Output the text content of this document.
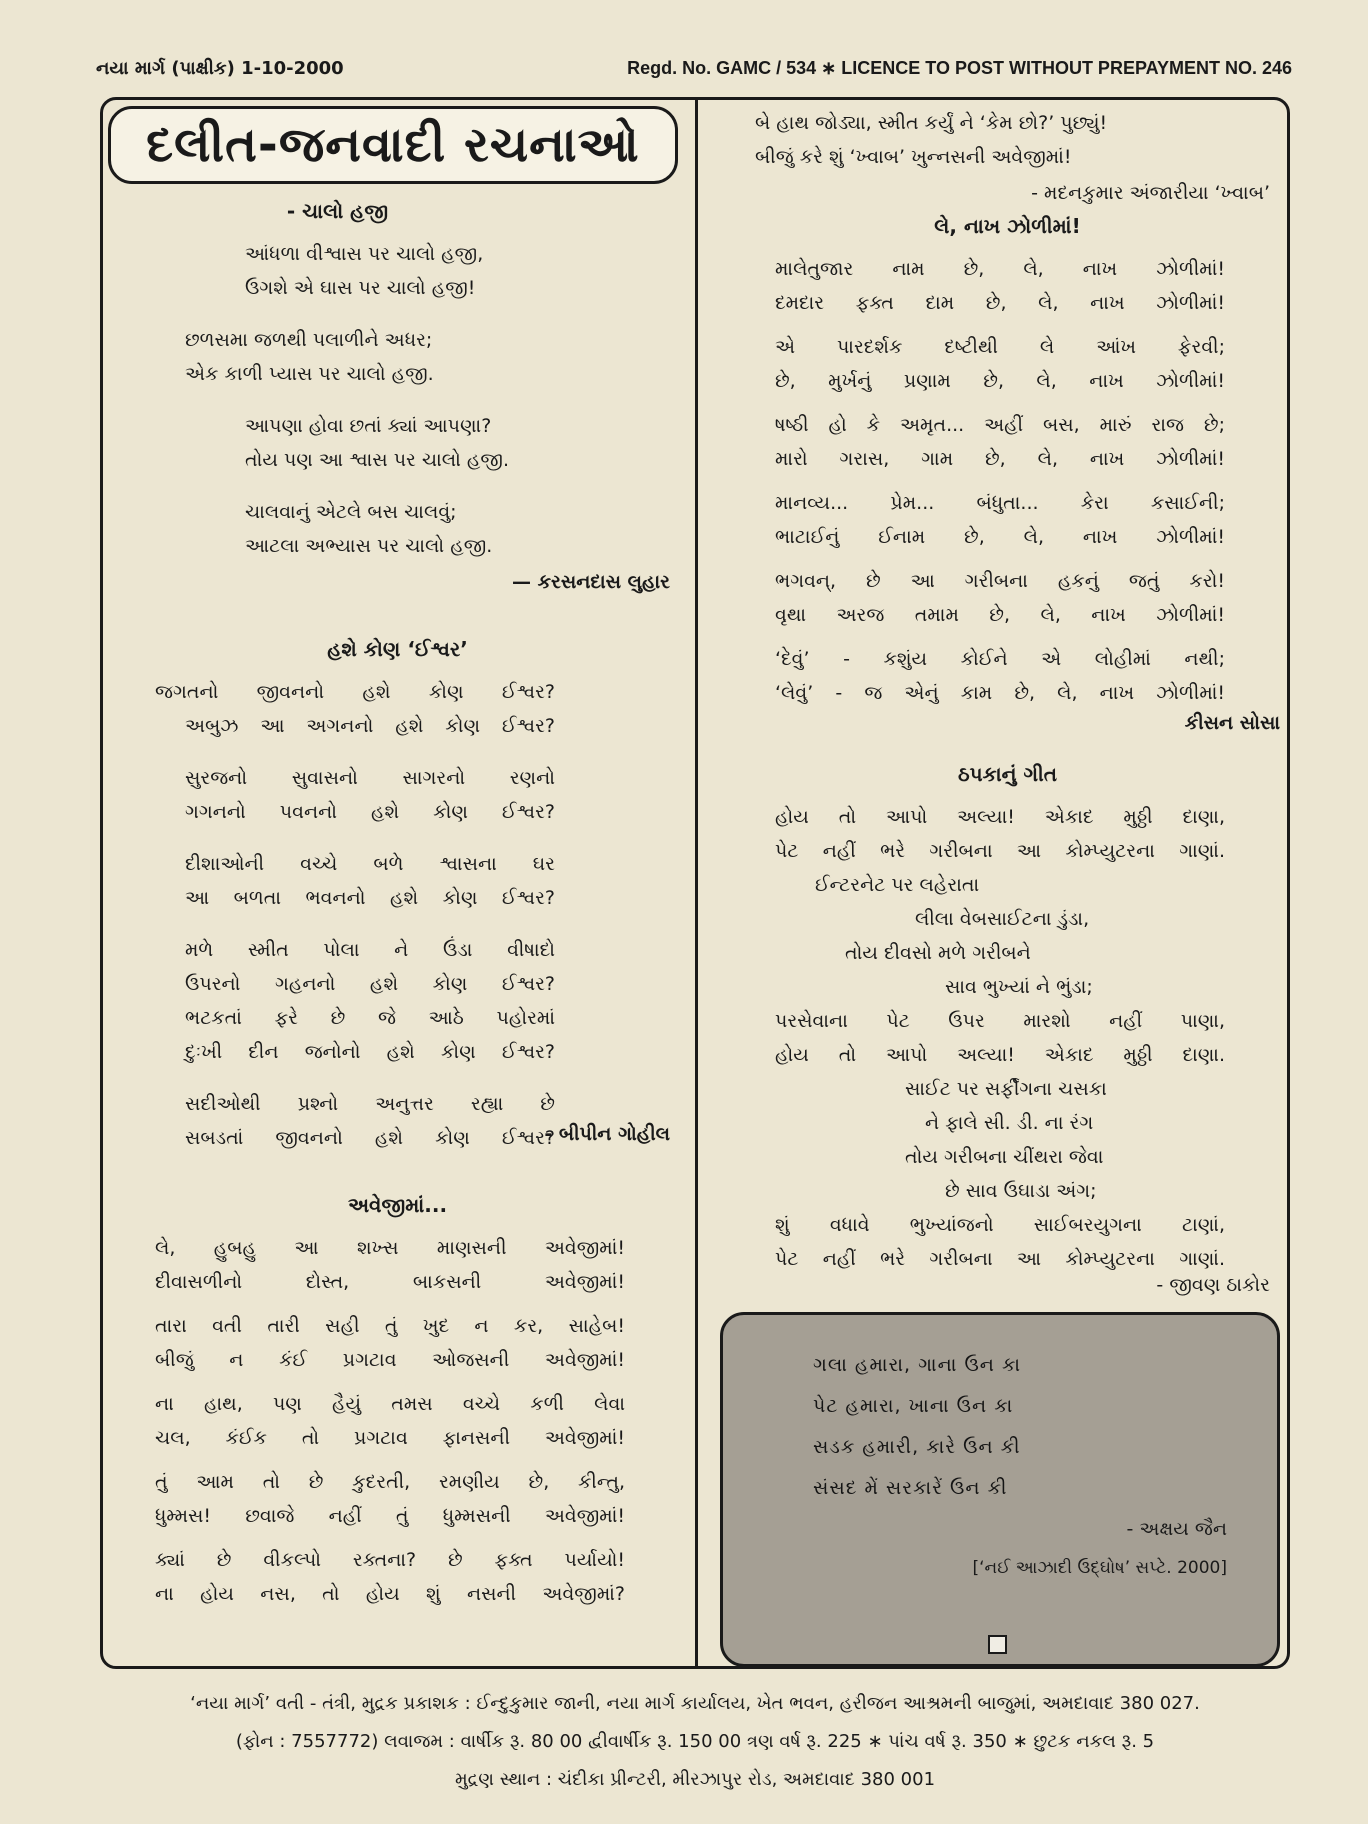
નયા માર્ગ (પાક્ષીક) 1-10-2000	Regd. No. GAMC / 534 ∗ LICENCE TO POST WITHOUT PREPAYMENT NO. 246
દલીત-જનવાદી રચનાઓ
- ચાલો હજી
આંધળા વીશ્વાસ પર ચાલો હજી,
ઉગશે એ ઘાસ પર ચાલો હજી!
છળસમા જળથી પલાળીને અધર;
એક કાળી પ્યાસ પર ચાલો હજી.
આપણા હોવા છતાં ક્યાં આપણા?
તોય પણ આ શ્વાસ પર ચાલો હજી.
ચાલવાનું એટલે બસ ચાલવું;
આટલા અભ્યાસ પર ચાલો હજી.
— કરસનદાસ લુહાર
હશે કોણ ‘ઈશ્વર’
જગતનો જીવનનો હશે કોણ ઈશ્વર?
અબુઝ આ અગનનો હશે કોણ ઈશ્વર?
સુરજનો સુવાસનો સાગરનો રણનો
ગગનનો પવનનો હશે કોણ ઈશ્વર?
દીશાઓની વચ્ચે બળે શ્વાસના ઘર
આ બળતા ભવનનો હશે કોણ ઈશ્વર?
મળે સ્મીત પોલા ને ઉંડા વીષાદો
ઉપરનો ગહનનો હશે કોણ ઈશ્વર?
ભટકતાં ફરે છે જે આઠે પહોરમાં
દુઃખી દીન જનોનો હશે કોણ ઈશ્વર?
સદીઓથી પ્રશ્નો અનુત્તર રહ્યા છે
સબડતાં જીવનનો હશે કોણ ઈશ્વર?
- બીપીન ગોહીલ
અવેજીમાં...
લે, હુબહુ આ શખ્સ માણસની અવેજીમાં!
દીવાસળીનો દોસ્ત, બાકસની અવેજીમાં!
તારા વતી તારી સહી તું ખુદ ન કર, સાહેબ!
બીજું ન કંઈ પ્રગટાવ ઓજસની અવેજીમાં!
ના હાથ, પણ હૈયું તમસ વચ્ચે કળી લેવા
ચલ, કંઈક તો પ્રગટાવ ફાનસની અવેજીમાં!
તું આમ તો છે કુદરતી, રમણીય છે, કીન્તુ,
ધુમ્મસ! છવાજે નહીં તું ધુમ્મસની અવેજીમાં!
ક્યાં છે વીકલ્પો રક્તના? છે ફક્ત પર્યાયો!
ના હોય નસ, તો હોય શું નસની અવેજીમાં?
બે હાથ જોડ્યા, સ્મીત કર્યું ને ‘કેમ છો?’ પુછ્યું!
બીજું કરે શું ‘ખ્વાબ’ ખુન્નસની અવેજીમાં!
- મદનકુમાર અંજારીયા ‘ખ્વાબ’
લે, નાખ ઝોળીમાં!
માલેતુજાર નામ છે, લે, નાખ ઝોળીમાં!
દમદાર ફક્ત દામ છે, લે, નાખ ઝોળીમાં!
એ પારદર્શક દષ્ટીથી લે આંખ ફેરવી;
છે, મુર્ખનું પ્રણામ છે, લે, નાખ ઝોળીમાં!
ષષ્ઠી હો કે અમૃત... અહીં બસ, મારું રાજ છે;
મારો ગરાસ, ગામ છે, લે, નાખ ઝોળીમાં!
માનવ્ય... પ્રેમ... બંધુતા... કેરા કસાઈની;
ભાટાઈનું ઈનામ છે, લે, નાખ ઝોળીમાં!
ભગવન્, છે આ ગરીબના હકનું જતું કરો!
વૃથા અરજ તમામ છે, લે, નાખ ઝોળીમાં!
‘દેવું’ - કશુંય કોઈને એ લોહીમાં નથી;
‘લેવું’ - જ એનું કામ છે, લે, નાખ ઝોળીમાં!
કીસન સોસા
ઠપકાનું ગીત
હોય તો આપો અલ્યા! એકાદ મુઠ્ઠી દાણા,
પેટ નહીં ભરે ગરીબના આ કોમ્પ્યુટરના ગાણાં.
ઈન્ટરનેટ પર લહેરાતા
લીલા વેબસાઈટના ડુંડા,
તોય દીવસો મળે ગરીબને
સાવ ભુખ્યાં ને ભુંડા;
પરસેવાના પેટ ઉપર મારશો નહીં પાણા,
હોય તો આપો અલ્યા! એકાદ મુઠ્ઠી દાણા.
સાઈટ પર સર્ફીંગના ચસકા
ને ફાલે સી. ડી. ના રંગ
તોય ગરીબના ચીંથરા જેવા
છે સાવ ઉઘાડા અંગ;
શું વધાવે ભુખ્યાંજનો સાઈબરયુગના ટાણાં,
પેટ નહીં ભરે ગરીબના આ કોમ્પ્યુટરના ગાણાં.
- જીવણ ઠાકોર
ગલા હમારા, ગાના ઉન કા
પેટ હમારા, ખાના ઉન કા
સડક હમારી, કારે ઉન કી
સંસદ મેં સરકારેં ઉન કી
- અક્ષય જૈન
[‘નઈ આઝાદી ઉદ્‌ઘોષ’ સપ્ટે. 2000]
‘નયા માર્ગ’ વતી - તંત્રી, મુદ્રક પ્રકાશક : ઈન્દુકુમાર જાની, નયા માર્ગ કાર્યાલય, ખેત ભવન, હરીજન આશ્રમની બાજુમાં, અમદાવાદ 380 027.
(ફોન : 7557772) લવાજમ : વાર્ષીક રૂ. 80 00 દ્વીવાર્ષીક રૂ. 150 00 ત્રણ વર્ષ રૂ. 225 ∗ પાંચ વર્ષ રૂ. 350 ∗ છુટક નકલ રૂ. 5
મુદ્રણ સ્થાન : ચંદીકા પ્રીન્ટરી, મીરઝાપુર રોડ, અમદાવાદ 380 001
